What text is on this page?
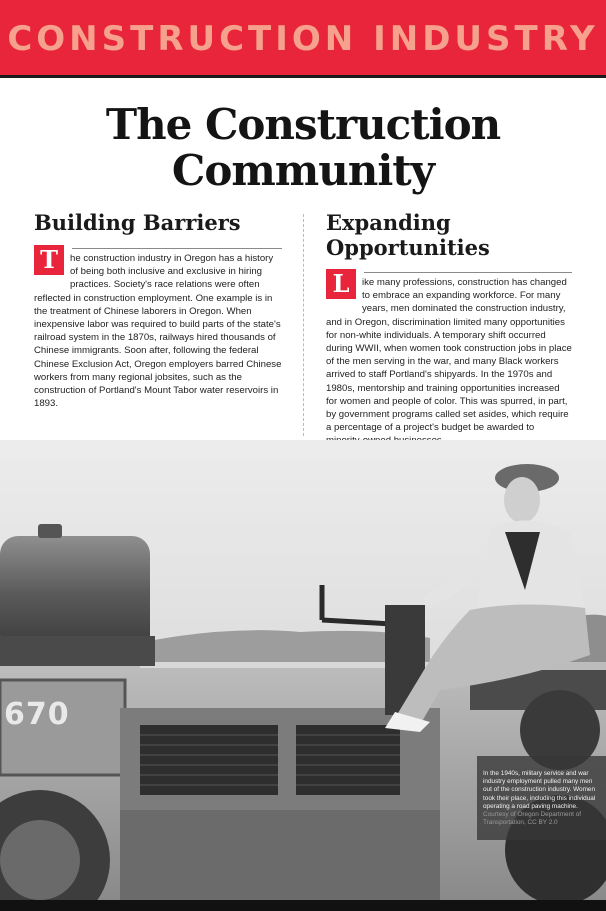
CONSTRUCTION INDUSTRY
The Construction
Community
Building Barriers

T	he construction industry in Oregon has a history of being both inclusive and exclusive in hiring practices. Society's race relations were often reflected in construction employment. One example is in the treatment of Chinese laborers in Oregon. When inexpensive labor was required to build parts of the state's railroad system in the 1870s, railways hired thousands of Chinese immigrants. Soon after, following the federal Chinese Exclusion Act, Oregon employers barred Chinese workers from many regional jobsites, such as the construction of Portland's Mount Tabor water reservoirs in 1893.

Expanding
Opportunities

L	ike many professions, construction has changed to embrace an expanding workforce. For many years, men dominated the construction industry, and in Oregon, discrimination limited many opportunities for non-white individuals. A temporary shift occurred during WWII, when women took construction jobs in place of the men serving in the war, and many Black workers arrived to staff Portland's shipyards. In the 1970s and 1980s, mentorship and training opportunities increased for women and people of color. This was spurred, in part, by government programs called set asides, which require a percentage of a project's budget be awarded to

670
In the 1940s, military service and war industry employment pulled many men out of the construction industry. Women took their place, including this individual operating a road paving machine. Courtesy of Oregon Department of Transportation, CC BY 2.0
